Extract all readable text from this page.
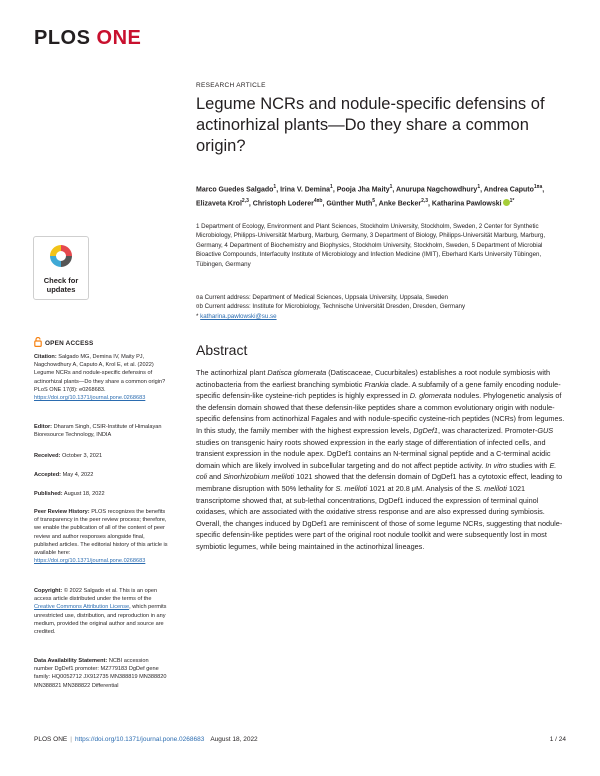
PLOS ONE
RESEARCH ARTICLE
Legume NCRs and nodule-specific defensins of actinorhizal plants—Do they share a common origin?
Marco Guedes Salgado$^1$, Irina V. Demina$^1$, Pooja Jha Maity$^1$, Anurupa Nagchowdhury$^1$, Andrea Caputo$^{1¤a}$, Elizaveta Krol$^{2,3}$, Christoph Loderer$^{4¤b}$, Günther Muth$^5$, Anke Becker$^{2,3}$, Katharina Pawlowski $^{1*}$
1 Department of Ecology, Environment and Plant Sciences, Stockholm University, Stockholm, Sweden, 2 Center for Synthetic Microbiology, Philipps-Universität Marburg, Marburg, Germany, 3 Department of Biology, Philipps-Universität Marburg, Marburg, Germany, 4 Department of Biochemistry and Biophysics, Stockholm University, Stockholm, Sweden, 5 Department of Microbial Bioactive Compounds, Interfaculty Institute of Microbiology and Infection Medicine (IMIT), Eberhard Karls University Tübingen, Tübingen, Germany
¤a Current address: Department of Medical Sciences, Uppsala University, Uppsala, Sweden
¤b Current address: Institute for Microbiology, Technische Universität Dresden, Dresden, Germany
* katharina.pawlowski@su.se
Check for
updates
OPEN ACCESS
Citation: Salgado MG, Demina IV, Maity PJ, Nagchowdhury A, Caputo A, Krol E, et al. (2022) Legume NCRs and nodule-specific defensins of actinorhizal plants—Do they share a common origin? PLoS ONE 17(8): e0268683. https://doi.org/10.1371/journal.pone.0268683
Editor: Dharam Singh, CSIR-Institute of Himalayan Bioresource Technology, INDIA
Received: October 3, 2021
Accepted: May 4, 2022
Published: August 18, 2022
Peer Review History: PLOS recognizes the benefits of transparency in the peer review process; therefore, we enable the publication of all of the content of peer review and author responses alongside final, published articles. The editorial history of this article is available here: https://doi.org/10.1371/journal.pone.0268683
Copyright: © 2022 Salgado et al. This is an open access article distributed under the terms of the Creative Commons Attribution License, which permits unrestricted use, distribution, and reproduction in any medium, provided the original author and source are credited.
Data Availability Statement: NCBI accession number DgDef1 promoter: MZ779183 DgDef gene family: HQ0052712 JX912735 MN388819 MN388820 MN388821 MN388822 Differential
Abstract
The actinorhizal plant Datisca glomerata (Datiscaceae, Cucurbitales) establishes a root nodule symbiosis with actinobacteria from the earliest branching symbiotic Frankia clade. A subfamily of a gene family encoding nodule-specific defensin-like cysteine-rich peptides is highly expressed in D. glomerata nodules. Phylogenetic analysis of the defensin domain showed that these defensin-like peptides share a common evolutionary origin with nodule-specific defensins from actinorhizal Fagales and with nodule-specific cysteine-rich peptides (NCRs) from legumes. In this study, the family member with the highest expression levels, DgDef1, was characterized. Promoter-GUS studies on transgenic hairy roots showed expression in the early stage of differentiation of infected cells, and transient expression in the nodule apex. DgDef1 contains an N-terminal signal peptide and a C-terminal acidic domain which are likely involved in subcellular targeting and do not affect peptide activity. In vitro studies with E. coli and Sinorhizobium meliloti 1021 showed that the defensin domain of DgDef1 has a cytotoxic effect, leading to membrane disruption with 50% lethality for S. meliloti 1021 at 20.8 μM. Analysis of the S. meliloti 1021 transcriptome showed that, at sub-lethal concentrations, DgDef1 induced the expression of terminal quinol oxidases, which are associated with the oxidative stress response and are also expressed during symbiosis. Overall, the changes induced by DgDef1 are reminiscent of those of some legume NCRs, suggesting that nodule-specific defensin-like peptides were part of the original root nodule toolkit and were subsequently lost in most symbiotic legumes, while being maintained in the actinorhizal lineages.
PLOS ONE | https://doi.org/10.1371/journal.pone.0268683 August 18, 2022	1 / 24
